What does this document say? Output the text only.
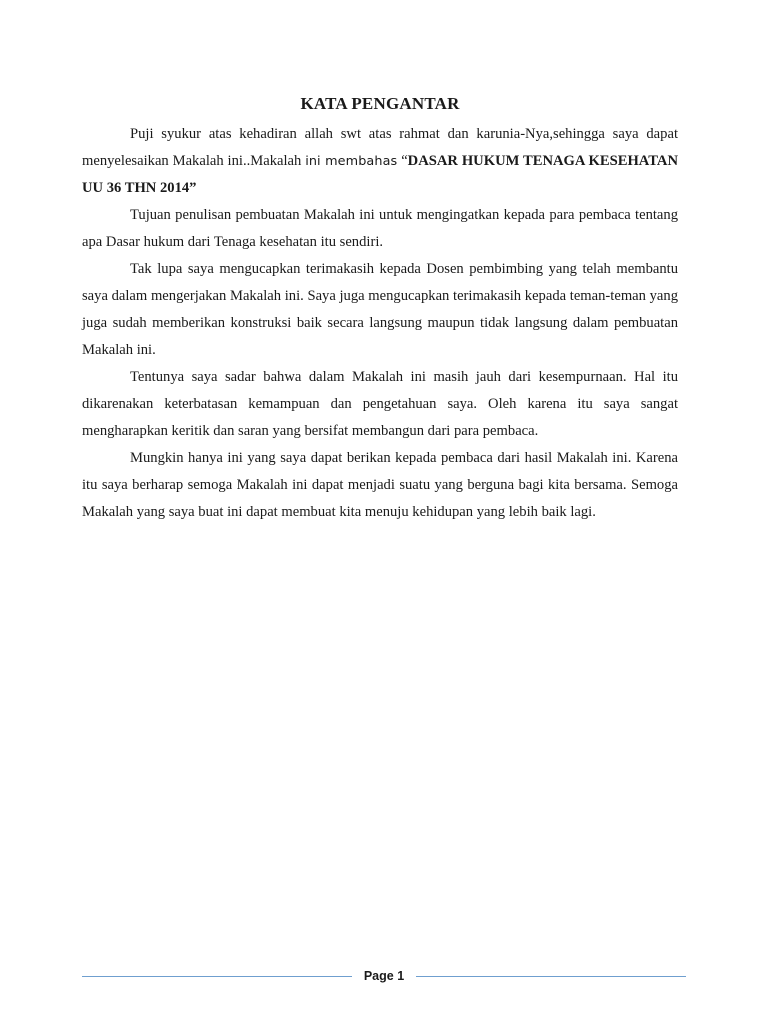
KATA PENGANTAR

Puji syukur atas kehadiran allah swt atas rahmat dan karunia-Nya,sehingga saya dapat menyelesaikan Makalah ini..Makalah ini membahas “DASAR HUKUM TENAGA KESEHATAN UU 36 THN 2014”

Tujuan penulisan pembuatan Makalah ini untuk mengingatkan kepada para pembaca tentang apa Dasar hukum dari Tenaga kesehatan itu sendiri.

Tak lupa saya mengucapkan terimakasih kepada Dosen pembimbing yang telah membantu saya dalam mengerjakan Makalah ini. Saya juga mengucapkan terimakasih kepada teman-teman yang juga sudah memberikan konstruksi baik secara langsung maupun tidak langsung dalam pembuatan Makalah ini.

Tentunya saya sadar bahwa dalam Makalah ini masih jauh dari kesempurnaan. Hal itu dikarenakan keterbatasan kemampuan dan pengetahuan saya. Oleh karena itu saya sangat mengharapkan keritik dan saran yang bersifat membangun dari para pembaca.

Mungkin hanya ini yang saya dapat berikan kepada pembaca dari hasil Makalah ini. Karena itu saya berharap semoga Makalah ini dapat menjadi suatu yang berguna bagi kita bersama. Semoga Makalah yang saya buat ini dapat membuat kita menuju kehidupan yang lebih baik lagi.

Page 1
